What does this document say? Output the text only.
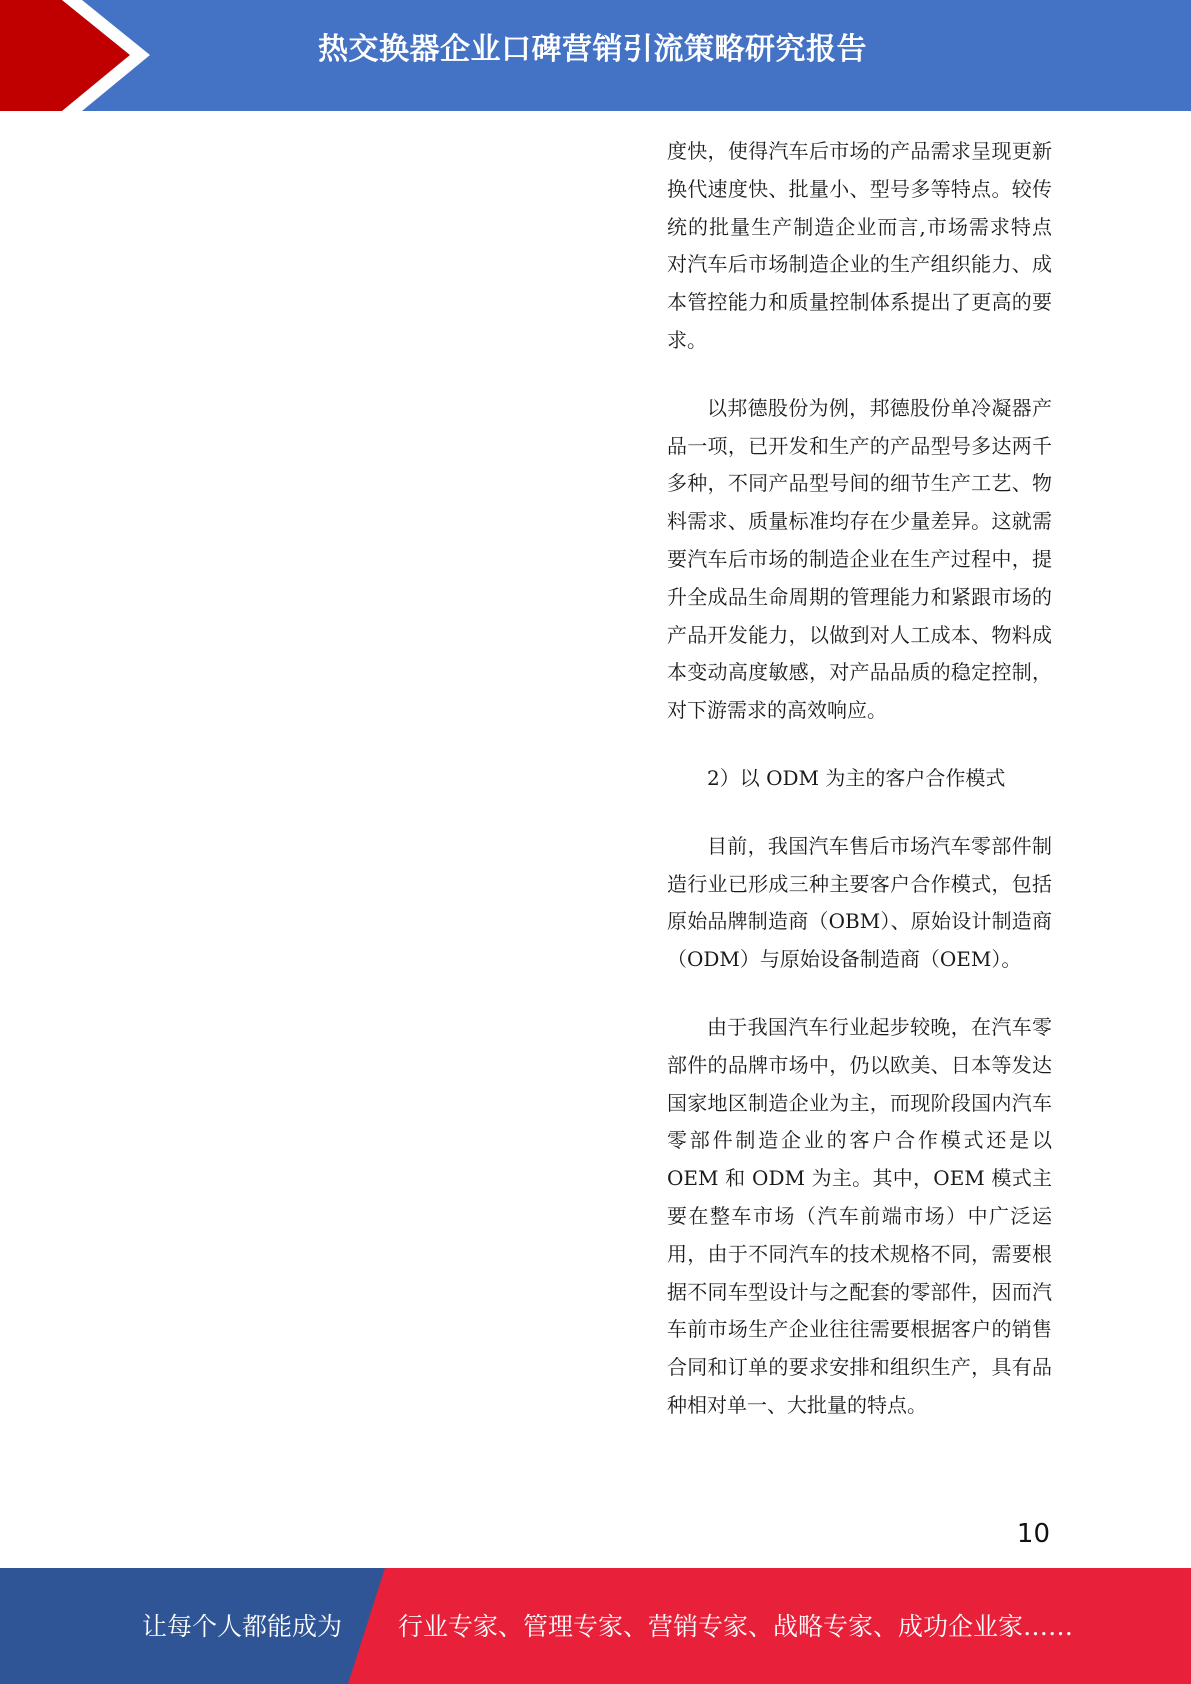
热交换器企业口碑营销引流策略研究报告

度快，使得汽车后市场的产品需求呈现更新换代速度快、批量小、型号多等特点。较传统的批量生产制造企业而言,市场需求特点对汽车后市场制造企业的生产组织能力、成本管控能力和质量控制体系提出了更高的要求。

以邦德股份为例，邦德股份单冷凝器产品一项，已开发和生产的产品型号多达两千多种，不同产品型号间的细节生产工艺、物料需求、质量标准均存在少量差异。这就需要汽车后市场的制造企业在生产过程中，提升全成品生命周期的管理能力和紧跟市场的产品开发能力，以做到对人工成本、物料成本变动高度敏感，对产品品质的稳定控制，对下游需求的高效响应。

2）以 ODM 为主的客户合作模式

目前，我国汽车售后市场汽车零部件制造行业已形成三种主要客户合作模式，包括原始品牌制造商（OBM）、原始设计制造商（ODM）与原始设备制造商（OEM）。

由于我国汽车行业起步较晚，在汽车零部件的品牌市场中，仍以欧美、日本等发达国家地区制造企业为主，而现阶段国内汽车零部件制造企业的客户合作模式还是以 OEM 和 ODM 为主。其中，OEM 模式主要在整车市场（汽车前端市场）中广泛运用，由于不同汽车的技术规格不同，需要根据不同车型设计与之配套的零部件，因而汽车前市场生产企业往往需要根据客户的销售合同和订单的要求安排和组织生产，具有品种相对单一、大批量的特点。

10
让每个人都能成为 行业专家、管理专家、营销专家、战略专家、成功企业家……
